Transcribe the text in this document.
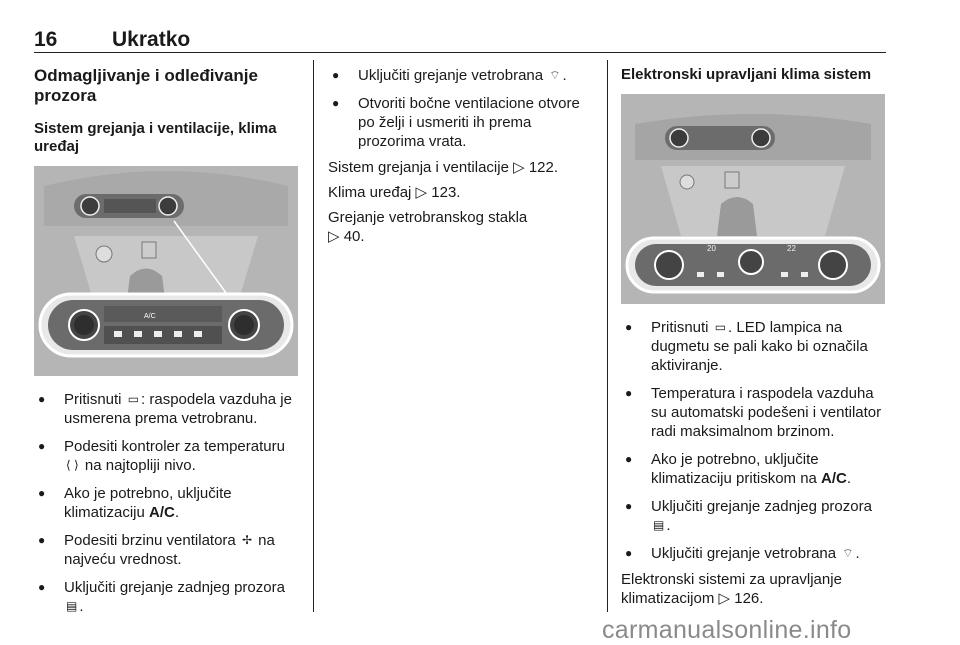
16	Ukratko
Odmagljivanje i odleđivanje prozora
Sistem grejanja i ventilacije, klima uređaj
A/C
● Pritisnuti ▭ : raspodela vazduha je usmerena prema vetrobranu.
● Podesiti kontroler za temperaturu ⟨ ⟩ na najtopliji nivo.
● Ako je potrebno, uključite klimatizaciju A/C.
● Podesiti brzinu ventilatora ✢ na najveću vrednost.
● Uključiti grejanje zadnjeg prozora
▤ .
● Uključiti grejanje vetrobrana ⌔ .
● Otvoriti bočne ventilacione otvore po želji i usmeriti ih prema prozorima vrata.

Sistem grejanja i ventilacije ▷ 122.

Klima uređaj ▷ 123.

Grejanje vetrobranskog stakla
▷ 40.

Elektronski upravljani klima sistem
20	22
● Pritisnuti ▭ . LED lampica na dugmetu se pali kako bi označila aktiviranje.
● Temperatura i raspodela vazduha su automatski podešeni i ventilator radi maksimalnom brzinom.
● Ako je potrebno, uključite klimatizaciju pritiskom na A/C.
● Uključiti grejanje zadnjeg prozora
▤ .
● Uključiti grejanje vetrobrana ⌔ .

Elektronski sistemi za upravljanje klimatizacijom ▷ 126.

carmanualsonline.info
